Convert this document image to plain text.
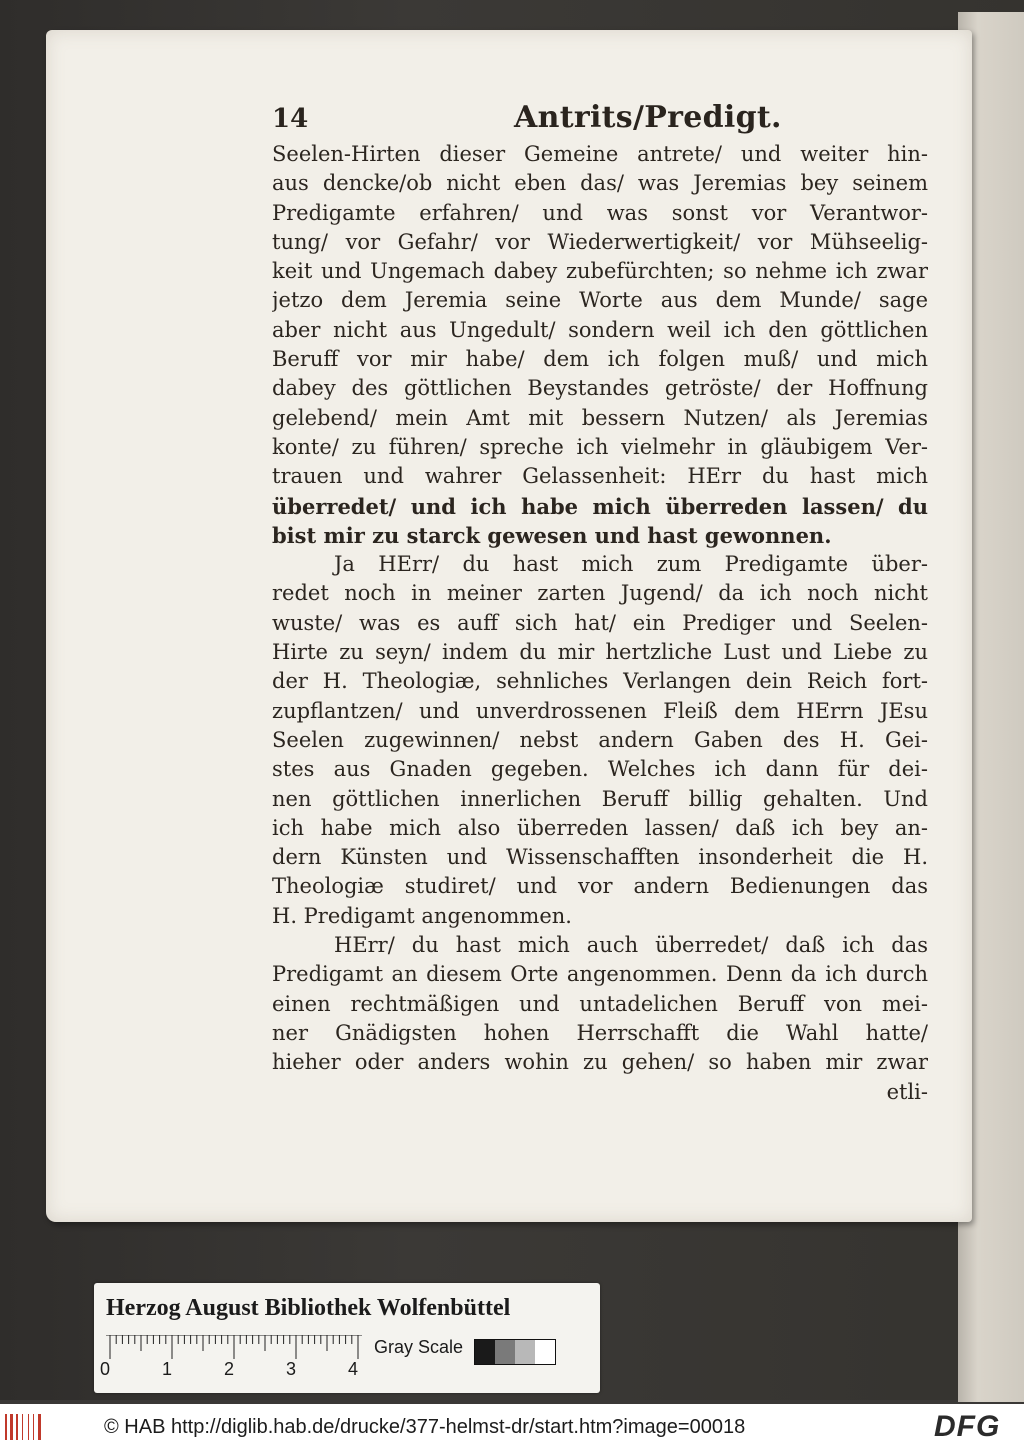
14	Antrits/Predigt.
Seelen-Hirten dieser Gemeine antrete/ und weiter hin-
aus dencke/ob nicht eben das/ was Jeremias bey seinem
Predigamte erfahren/ und was sonst vor Verantwor-
tung/ vor Gefahr/ vor Wiederwertigkeit/ vor Mühseelig-
keit und Ungemach dabey zubefürchten; so nehme ich zwar
jetzo dem Jeremia seine Worte aus dem Munde/ sage
aber nicht aus Ungedult/ sondern weil ich den göttlichen
Beruff vor mir habe/ dem ich folgen muß/ und mich
dabey des göttlichen Beystandes getröste/ der Hoffnung
gelebend/ mein Amt mit bessern Nutzen/ als Jeremias
konte/ zu führen/ spreche ich vielmehr in gläubigem Ver-
trauen und wahrer Gelassenheit: HErr du hast mich
überredet/ und ich habe mich überreden lassen/ du
bist mir zu starck gewesen und hast gewonnen.
Ja HErr/ du hast mich zum Predigamte über-
redet noch in meiner zarten Jugend/ da ich noch nicht
wuste/ was es auff sich hat/ ein Prediger und Seelen-
Hirte zu seyn/ indem du mir hertzliche Lust und Liebe zu
der H. Theologiæ, sehnliches Verlangen dein Reich fort-
zupflantzen/ und unverdrossenen Fleiß dem HErrn JEsu
Seelen zugewinnen/ nebst andern Gaben des H. Gei-
stes aus Gnaden gegeben. Welches ich dann für dei-
nen göttlichen innerlichen Beruff billig gehalten. Und
ich habe mich also überreden lassen/ daß ich bey an-
dern Künsten und Wissenschafften insonderheit die H.
Theologiæ studiret/ und vor andern Bedienungen das
H. Predigamt angenommen.
HErr/ du hast mich auch überredet/ daß ich das
Predigamt an diesem Orte angenommen. Denn da ich durch
einen rechtmäßigen und untadelichen Beruff von mei-
ner Gnädigsten hohen Herrschafft die Wahl hatte/
hieher oder anders wohin zu gehen/ so haben mir zwar
etli-
Herzog August Bibliothek Wolfenbüttel
0	1	2	3	4
Gray Scale
© HAB http://diglib.hab.de/drucke/377-helmst-dr/start.htm?image=00018	DFG
